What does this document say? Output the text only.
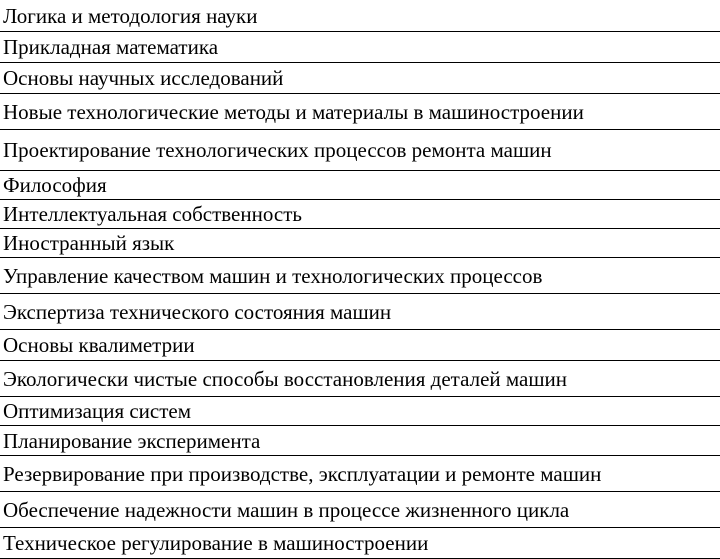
Логика и методология науки
Прикладная математика
Основы научных исследований
Новые технологические методы и материалы в машиностроении
Проектирование технологических процессов ремонта машин
Философия
Интеллектуальная собственность
Иностранный язык
Управление качеством машин и технологических процессов
Экспертиза технического состояния машин
Основы квалиметрии
Экологически чистые способы восстановления деталей машин
Оптимизация систем
Планирование эксперимента
Резервирование при производстве, эксплуатации и ремонте машин
Обеспечение надежности машин в процессе жизненного цикла
Техническое регулирование в машиностроении
